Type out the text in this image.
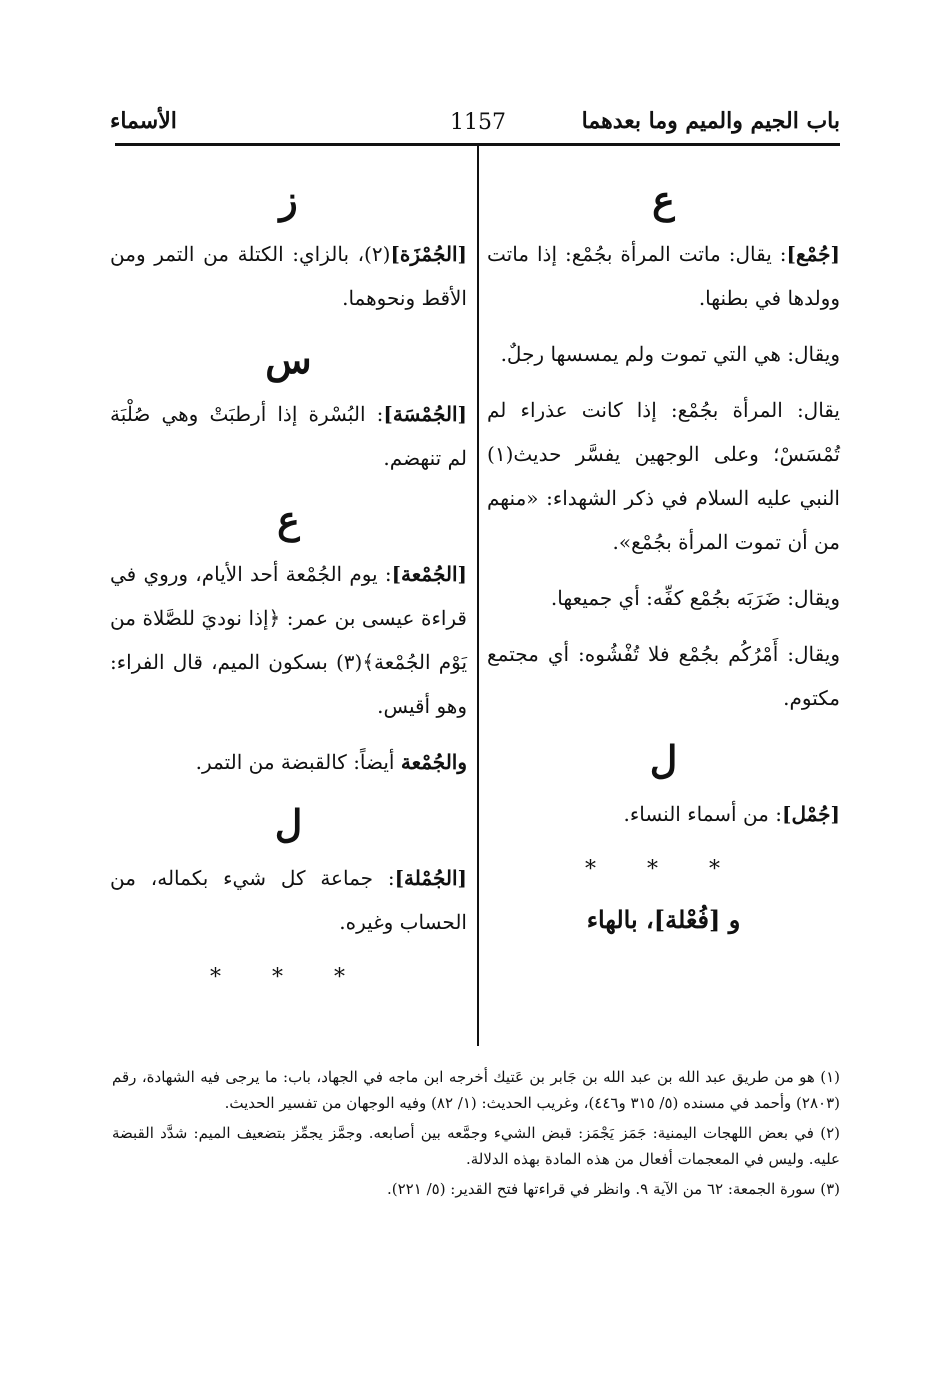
باب الجيم والميم وما بعدهما
1157
الأسماء

ع

[جُمْع]: يقال: ماتت المرأة بجُمْع: إذا ماتت وولدها في بطنها.

ويقال: هي التي تموت ولم يمسسها رجلٌ.

يقال: المرأة بجُمْع: إذا كانت عذراء لم تُمْسَسْ؛ وعلى الوجهين يفسَّر حديث(١) النبي عليه السلام في ذكر الشهداء: «منهم من أن تموت المرأة بجُمْع».

ويقال: ضَرَبَه بجُمْع كفِّه: أي جميعها.

ويقال: أَمْرُكُم بجُمْع فلا تُفْشُوه: أي مجتمع مكتوم.

ل

[جُمْل]: من أسماء النساء.

* * *

و [فُعْلة]، بالهاء

ز

[الجُمْزَة](٢)، بالزاي: الكتلة من التمر ومن الأقط ونحوهما.

س

[الجُمْسَة]: البُسْرة إذا أرطبَتْ وهي صُلْبَة لم تنهضم.

ع

[الجُمْعة]: يوم الجُمْعة أحد الأيام، وروي في قراءة عيسى بن عمر: ﴿إذا نوديَ للصَّلاة من يَوْم الجُمْعة﴾(٣) بسكون الميم، قال الفراء: وهو أقيس.

والجُمْعة أيضاً: كالقبضة من التمر.

ل

[الجُمْلة]: جماعة كل شيء بكماله، من الحساب وغيره.

* * *

(١) هو من طريق عبد الله بن عبد الله بن جَابر بن عَتيك أخرجه ابن ماجه في الجهاد، باب: ما يرجى فيه الشهادة، رقم (٢٨٠٣) وأحمد في مسنده (٥/ ٣١٥ و٤٤٦)، وغريب الحديث: (١/ ٨٢) وفيه الوجهان من تفسير الحديث.

(٢) في بعض اللهجات اليمنية: جَمَز يَجْمَز: قبض الشيء وجمَّعه بين أصابعه. وجمَّز يجمِّز بتضعيف الميم: شدَّد القبضة عليه. وليس في المعجمات أفعال من هذه المادة بهذه الدلالة.

(٣) سورة الجمعة: ٦٢ من الآية ٩. وانظر في قراءتها فتح القدير: (٥/ ٢٢١).
